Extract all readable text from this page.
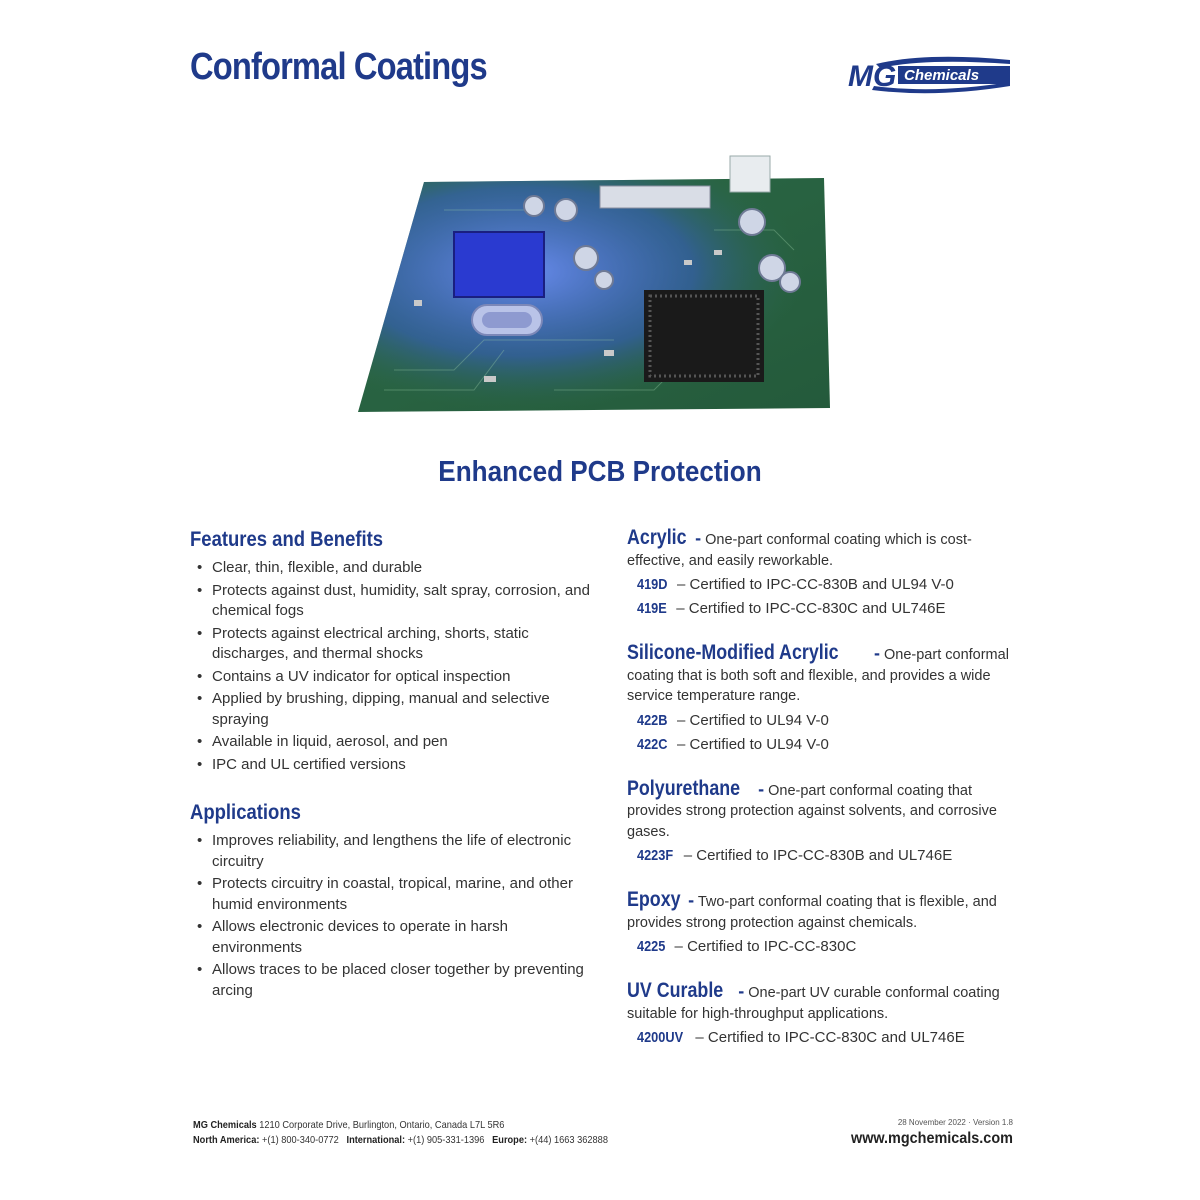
Conformal Coatings	MG Chemicals
Enhanced PCB Protection
Features and Benefits
• Clear, thin, flexible, and durable
• Protects against dust, humidity, salt spray, corrosion, and chemical fogs
• Protects against electrical arching, shorts, static discharges, and thermal shocks
• Contains a UV indicator for optical inspection
• Applied by brushing, dipping, manual and selective spraying
• Available in liquid, aerosol, and pen
• IPC and UL certified versions
Applications
• Improves reliability, and lengthens the life of electronic circuitry
• Protects circuitry in coastal, tropical, marine, and other humid environments
• Allows electronic devices to operate in harsh environments
• Allows traces to be placed closer together by preventing arcing

Acrylic - One-part conformal coating which is cost-effective, and easily reworkable.

419D – Certified to IPC-CC-830B and UL94 V-0
419E – Certified to IPC-CC-830C and UL746E

Silicone-Modified Acrylic - One-part conformal coating that is both soft and flexible, and provides a wide service temperature range.

422B – Certified to UL94 V-0
422C – Certified to UL94 V-0

Polyurethane - One-part conformal coating that provides strong protection against solvents, and corrosive gases.

4223F – Certified to IPC-CC-830B and UL746E

Epoxy - Two-part conformal coating that is flexible, and provides strong protection against chemicals.

4225 – Certified to IPC-CC-830C

UV Curable - One-part UV curable conformal coating suitable for high-throughput applications.

4200UV – Certified to IPC-CC-830C and UL746E
MG Chemicals 1210 Corporate Drive, Burlington, Ontario, Canada L7L 5R6
North America: +(1) 800-340-0772 International: +(1) 905-331-1396 Europe: +(44) 1663 362888
28 November 2022 · Version 1.8
www.mgchemicals.com
